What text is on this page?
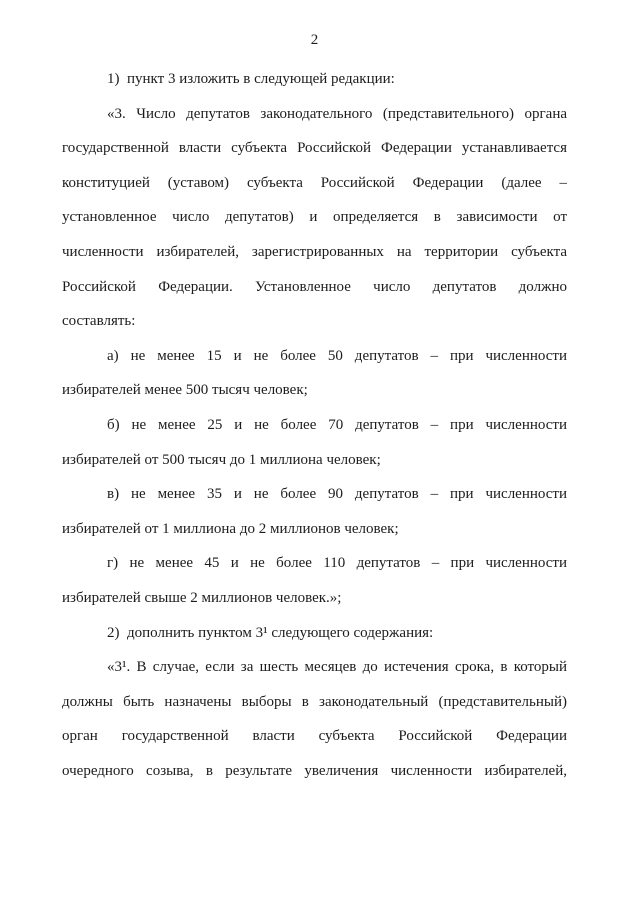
2

1) пункт 3 изложить в следующей редакции:

«3. Число депутатов законодательного (представительного) органа
государственной власти субъекта Российской Федерации устанавливается
конституцией (уставом) субъекта Российской Федерации (далее –
установленное число депутатов) и определяется в зависимости от
численности избирателей, зарегистрированных на территории субъекта
Российской Федерации. Установленное число депутатов должно
составлять:

а) не менее 15 и не более 50 депутатов – при численности
избирателей менее 500 тысяч человек;

б) не менее 25 и не более 70 депутатов – при численности
избирателей от 500 тысяч до 1 миллиона человек;

в) не менее 35 и не более 90 депутатов – при численности
избирателей от 1 миллиона до 2 миллионов человек;

г) не менее 45 и не более 110 депутатов – при численности
избирателей свыше 2 миллионов человек.»;

2) дополнить пунктом 3¹ следующего содержания:

«3¹. В случае, если за шесть месяцев до истечения срока, в который
должны быть назначены выборы в законодательный (представительный)
орган государственной власти субъекта Российской Федерации
очередного созыва, в результате увеличения численности избирателей,
